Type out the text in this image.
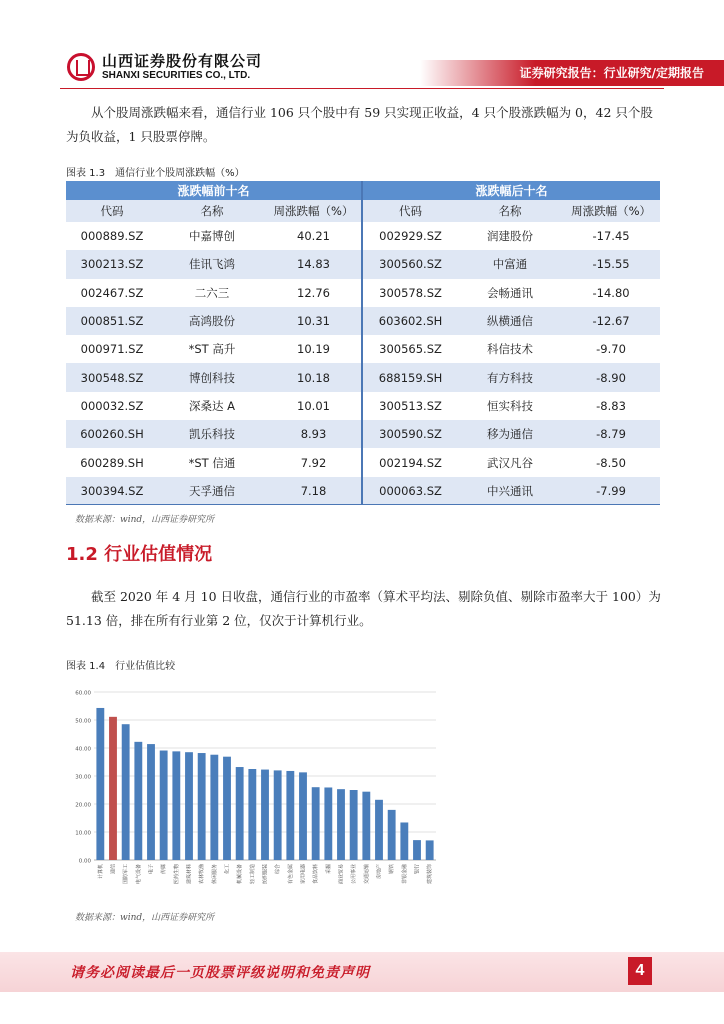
山西证券股份有限公司
SHANXI SECURITIES CO., LTD.	证券研究报告：行业研究/定期报告

从个股周涨跌幅来看，通信行业 106 只个股中有 59 只实现正收益，4 只个股涨跌幅为 0，42 只个股为负收益，1 只股票停牌。

图表 1.3 通信行业个股周涨跌幅（%）
涨跌幅前十名			涨跌幅后十名		
代码	名称	周涨跌幅（%）	代码	名称	周涨跌幅（%）
000889.SZ	中嘉博创	40.21	002929.SZ	润建股份	-17.45
300213.SZ	佳讯飞鸿	14.83	300560.SZ	中富通	-15.55
002467.SZ	二六三	12.76	300578.SZ	会畅通讯	-14.80
000851.SZ	高鸿股份	10.31	603602.SH	纵横通信	-12.67
000971.SZ	*ST 高升	10.19	300565.SZ	科信技术	-9.70
300548.SZ	博创科技	10.18	688159.SH	有方科技	-8.90
000032.SZ	深桑达 A	10.01	300513.SZ	恒实科技	-8.83
600260.SH	凯乐科技	8.93	300590.SZ	移为通信	-8.79
600289.SH	*ST 信通	7.92	002194.SZ	武汉凡谷	-8.50
300394.SZ	天孚通信	7.18	000063.SZ	中兴通讯	-7.99
数据来源：wind，山西证券研究所
1.2 行业估值情况

截至 2020 年 4 月 10 日收盘，通信行业的市盈率（算术平均法、剔除负值、剔除市盈率大于 100）为 51.13 倍，排在所有行业第 2 位，仅次于计算机行业。

图表 1.4 行业估值比较
0.00
10.00
20.00
30.00
40.00
50.00
60.00
计算机 通信 国防军工 电气设备 电子 传媒 医药生物 建筑材料 农林牧渔 休闲服务 化工 机械设备 轻工制造 纺织服装 综合 有色金属 家用电器 食品饮料 采掘 商业贸易 公用事业 交通运输 房地产 钢铁 非银金融 银行 建筑装饰
数据来源：wind，山西证券研究所
请务必阅读最后一页股票评级说明和免责声明	4
